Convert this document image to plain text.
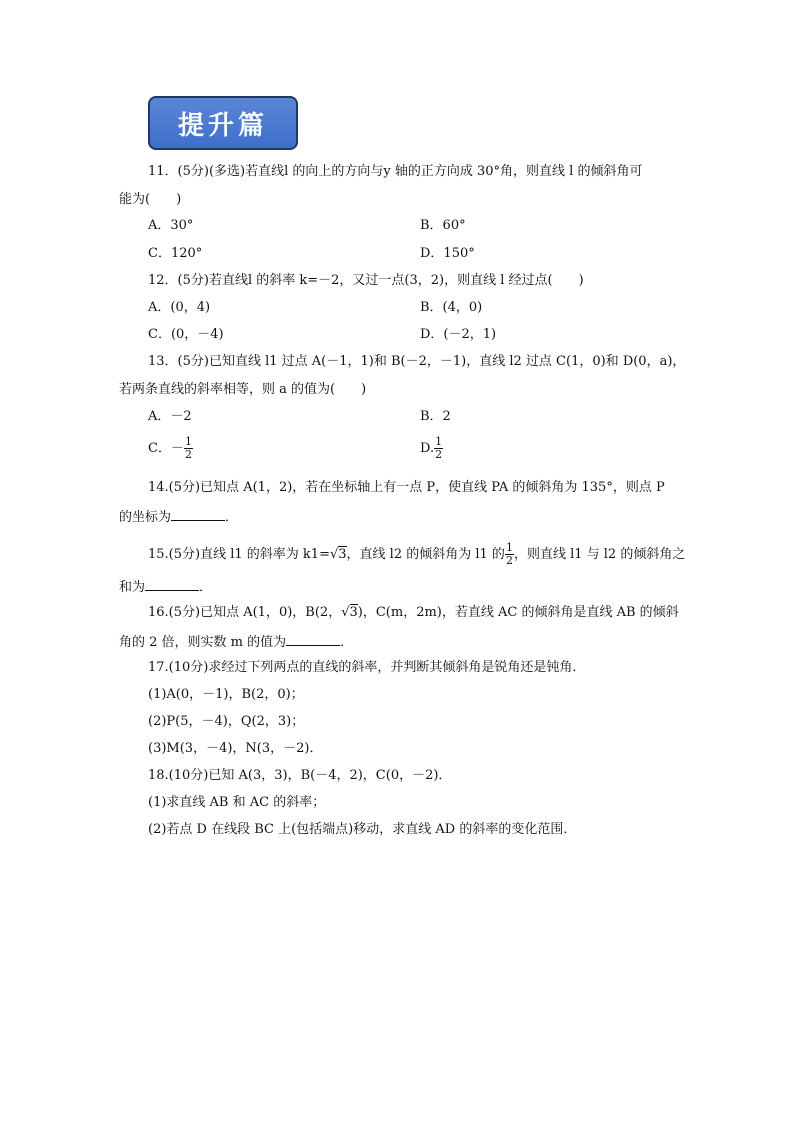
提升篇
11．(5分)(多选)若直线l 的向上的方向与y 轴的正方向成 30°角，则直线 l 的倾斜角可
能为(　　)
A．30°	B．60°
C．120°	D．150°
12．(5分)若直线l 的斜率 k=－2，又过一点(3，2)，则直线 l 经过点(　　)
A．(0，4)	B．(4，0)
C．(0，－4)	D．(－2，1)
13．(5分)已知直线 l1 过点 A(－1，1)和 B(－2，－1)，直线 l2 过点 C(1，0)和 D(0，a)，
若两条直线的斜率相等，则 a 的值为(　　)
A．－2	B．2
C．－ $\frac{1}{2}$	D. $\frac{1}{2}$
14.(5分)已知点 A(1，2)，若在坐标轴上有一点 P，使直线 PA 的倾斜角为 135°，则点 P
的坐标为	．
15.(5分)直线 l1 的斜率为 k1=√3，直线 l2 的倾斜角为 l1 的 $\frac{1}{2}$ ，则直线 l1 与 l2 的倾斜角之
和为	．
16.(5分)已知点 A(1，0)，B(2，√3)，C(m，2m)，若直线 AC 的倾斜角是直线 AB 的倾斜
角的 2 倍，则实数 m 的值为	．
17.(10分)求经过下列两点的直线的斜率，并判断其倾斜角是锐角还是钝角．
(1)A(0，－1)，B(2，0)；
(2)P(5，－4)，Q(2，3)；
(3)M(3，－4)，N(3，－2)．
18.(10分)已知 A(3，3)，B(－4，2)，C(0，－2)．
(1)求直线 AB 和 AC 的斜率；
(2)若点 D 在线段 BC 上(包括端点)移动，求直线 AD 的斜率的变化范围．
